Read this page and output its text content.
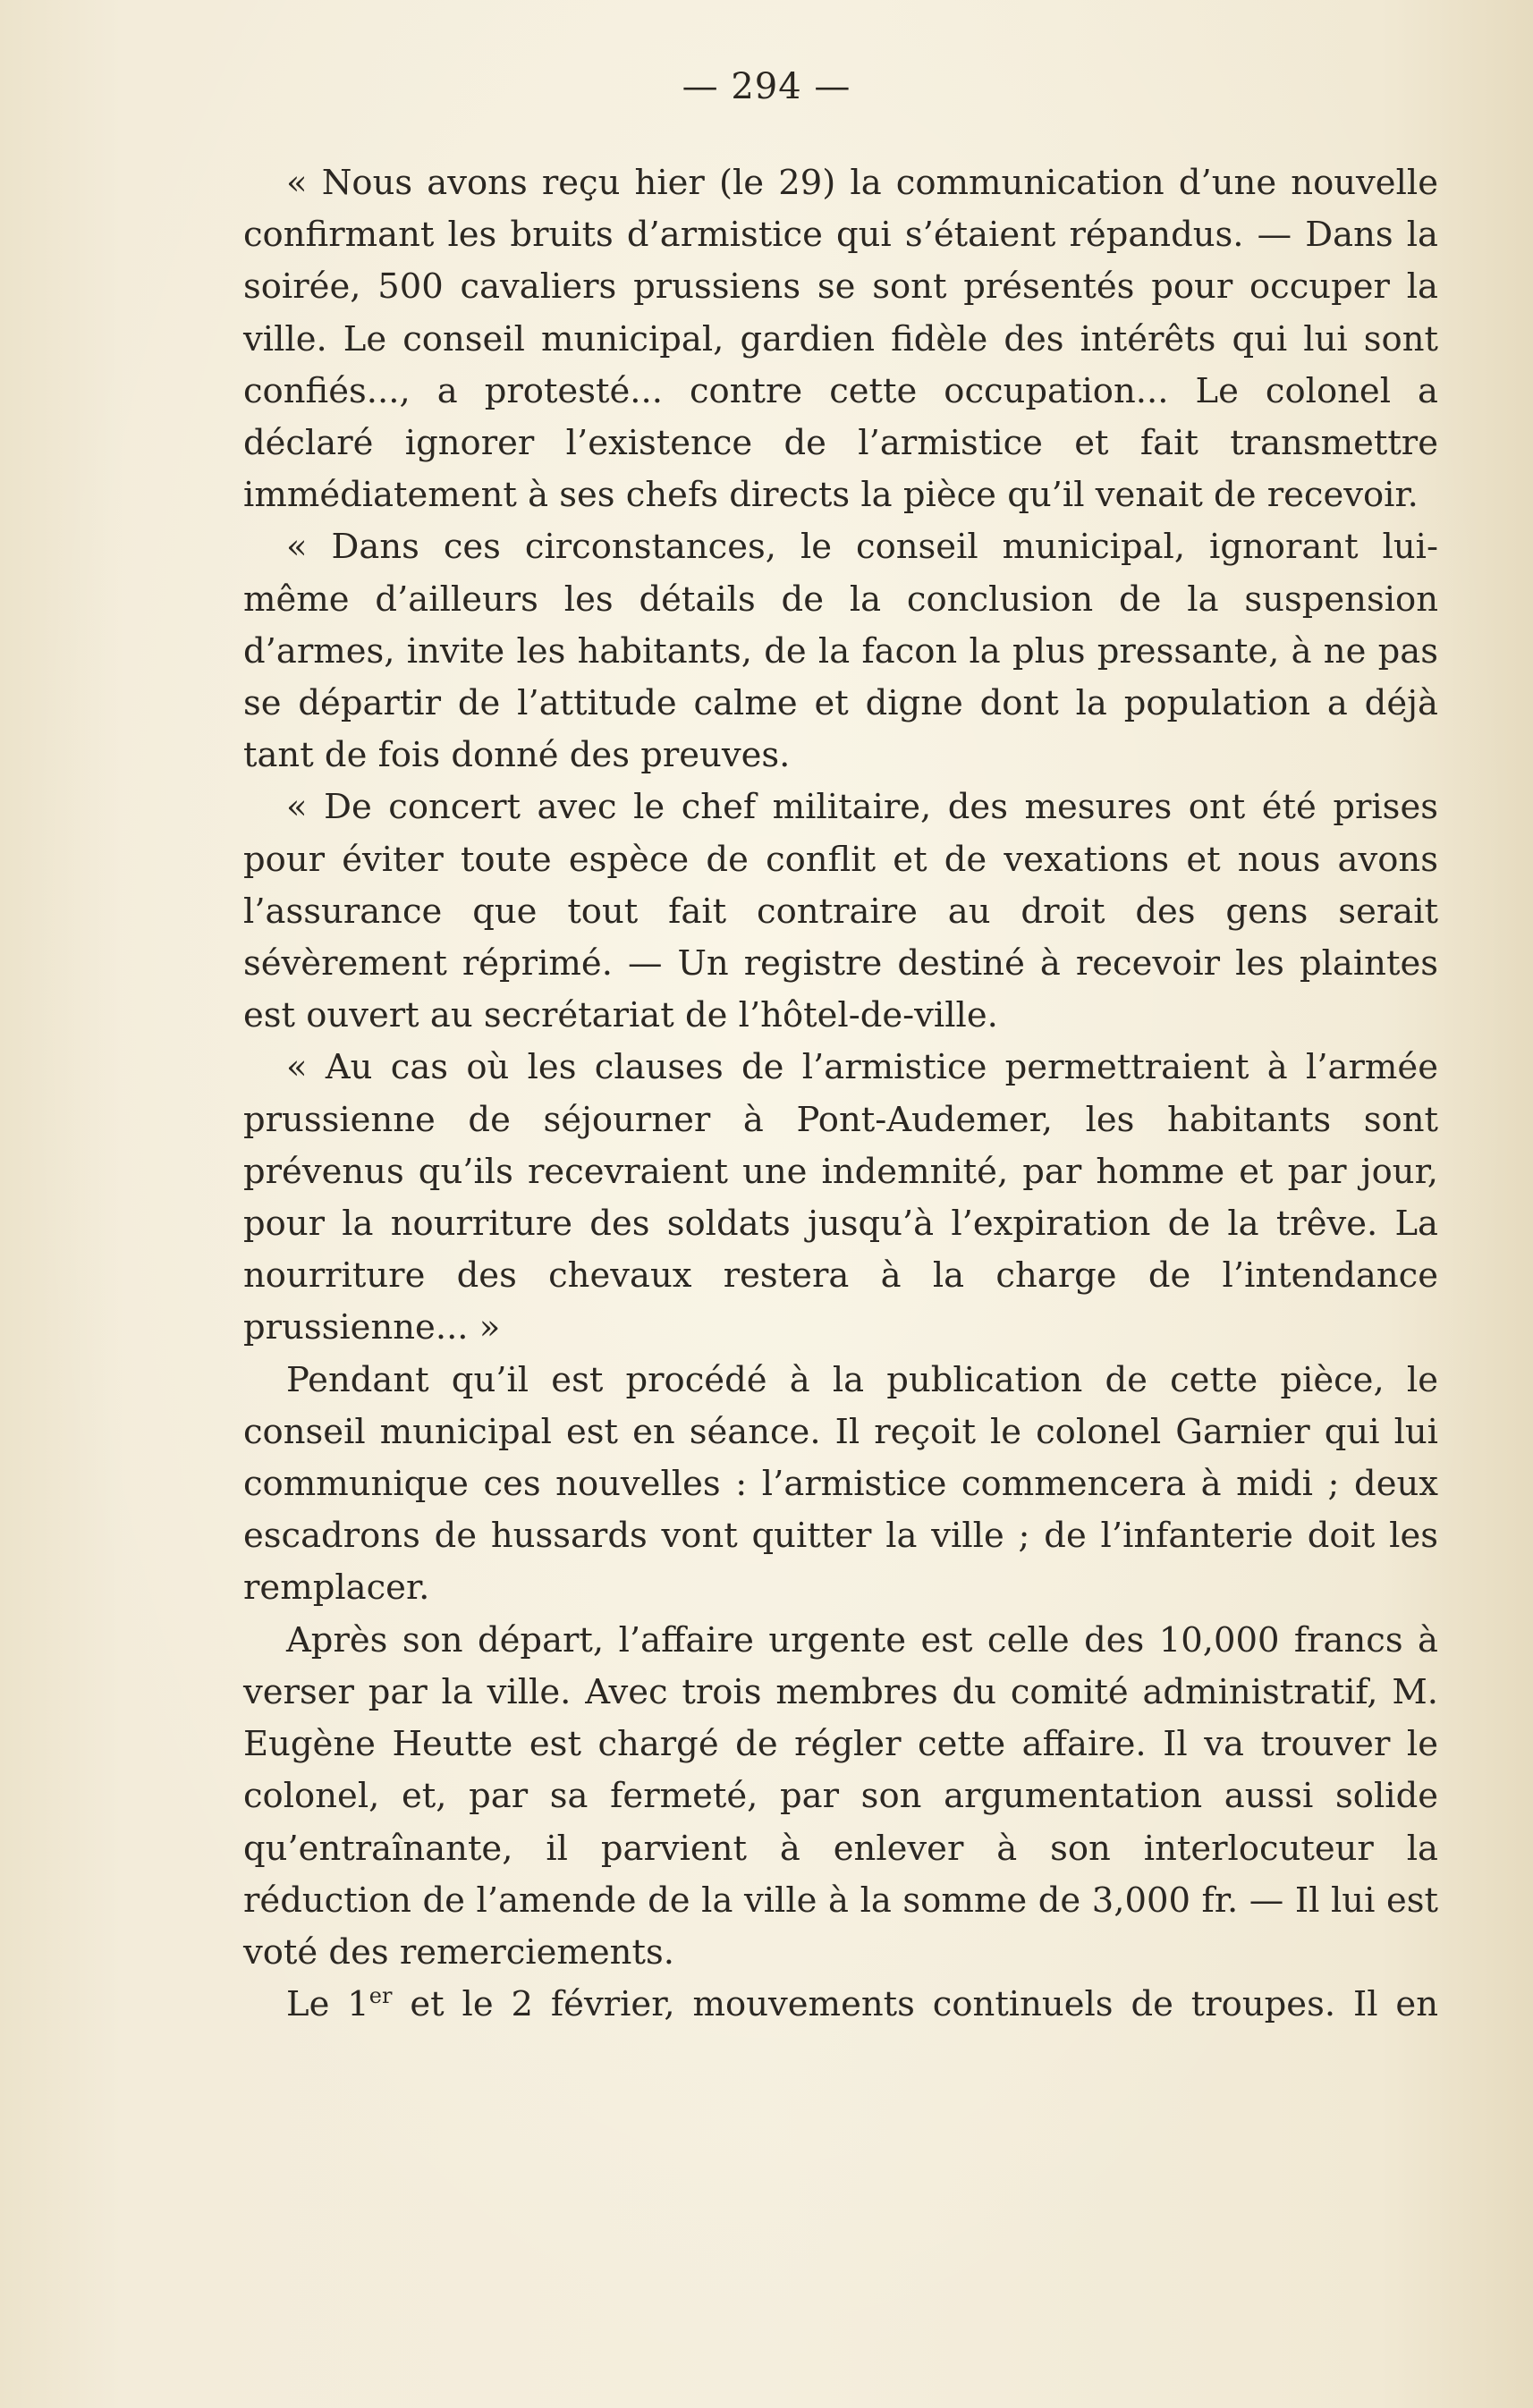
— 294 —

« Nous avons reçu hier (le 29) la communication d’une nouvelle confirmant les bruits d’armistice qui s’étaient répandus. — Dans la soirée, 500 cavaliers prussiens se sont présentés pour occuper la ville. Le conseil municipal, gardien fidèle des intérêts qui lui sont confiés..., a protesté... contre cette occupation... Le colonel a déclaré ignorer l’existence de l’armistice et fait transmettre immédiatement à ses chefs directs la pièce qu’il venait de recevoir.

« Dans ces circonstances, le conseil municipal, ignorant lui-même d’ailleurs les détails de la conclusion de la suspension d’armes, invite les habitants, de la facon la plus pressante, à ne pas se départir de l’attitude calme et digne dont la population a déjà tant de fois donné des preuves.

« De concert avec le chef militaire, des mesures ont été prises pour éviter toute espèce de conflit et de vexations et nous avons l’assurance que tout fait contraire au droit des gens serait sévèrement réprimé. — Un registre destiné à recevoir les plaintes est ouvert au secrétariat de l’hôtel-de-ville.

« Au cas où les clauses de l’armistice permettraient à l’armée prussienne de séjourner à Pont-Audemer, les habitants sont prévenus qu’ils recevraient une indemnité, par homme et par jour, pour la nourriture des soldats jusqu’à l’expiration de la trêve. La nourriture des chevaux restera à la charge de l’intendance prussienne... »

Pendant qu’il est procédé à la publication de cette pièce, le conseil municipal est en séance. Il reçoit le colonel Garnier qui lui communique ces nouvelles : l’armistice commencera à midi ; deux escadrons de hussards vont quitter la ville ; de l’infanterie doit les remplacer.

Après son départ, l’affaire urgente est celle des 10,000 francs à verser par la ville. Avec trois membres du comité administratif, M. Eugène Heutte est chargé de régler cette affaire. Il va trouver le colonel, et, par sa fermeté, par son argumentation aussi solide qu’entraînante, il parvient à enlever à son interlocuteur la réduction de l’amende de la ville à la somme de 3,000 fr. — Il lui est voté des remerciements.

Le 1er et le 2 février, mouvements continuels de troupes. Il en
